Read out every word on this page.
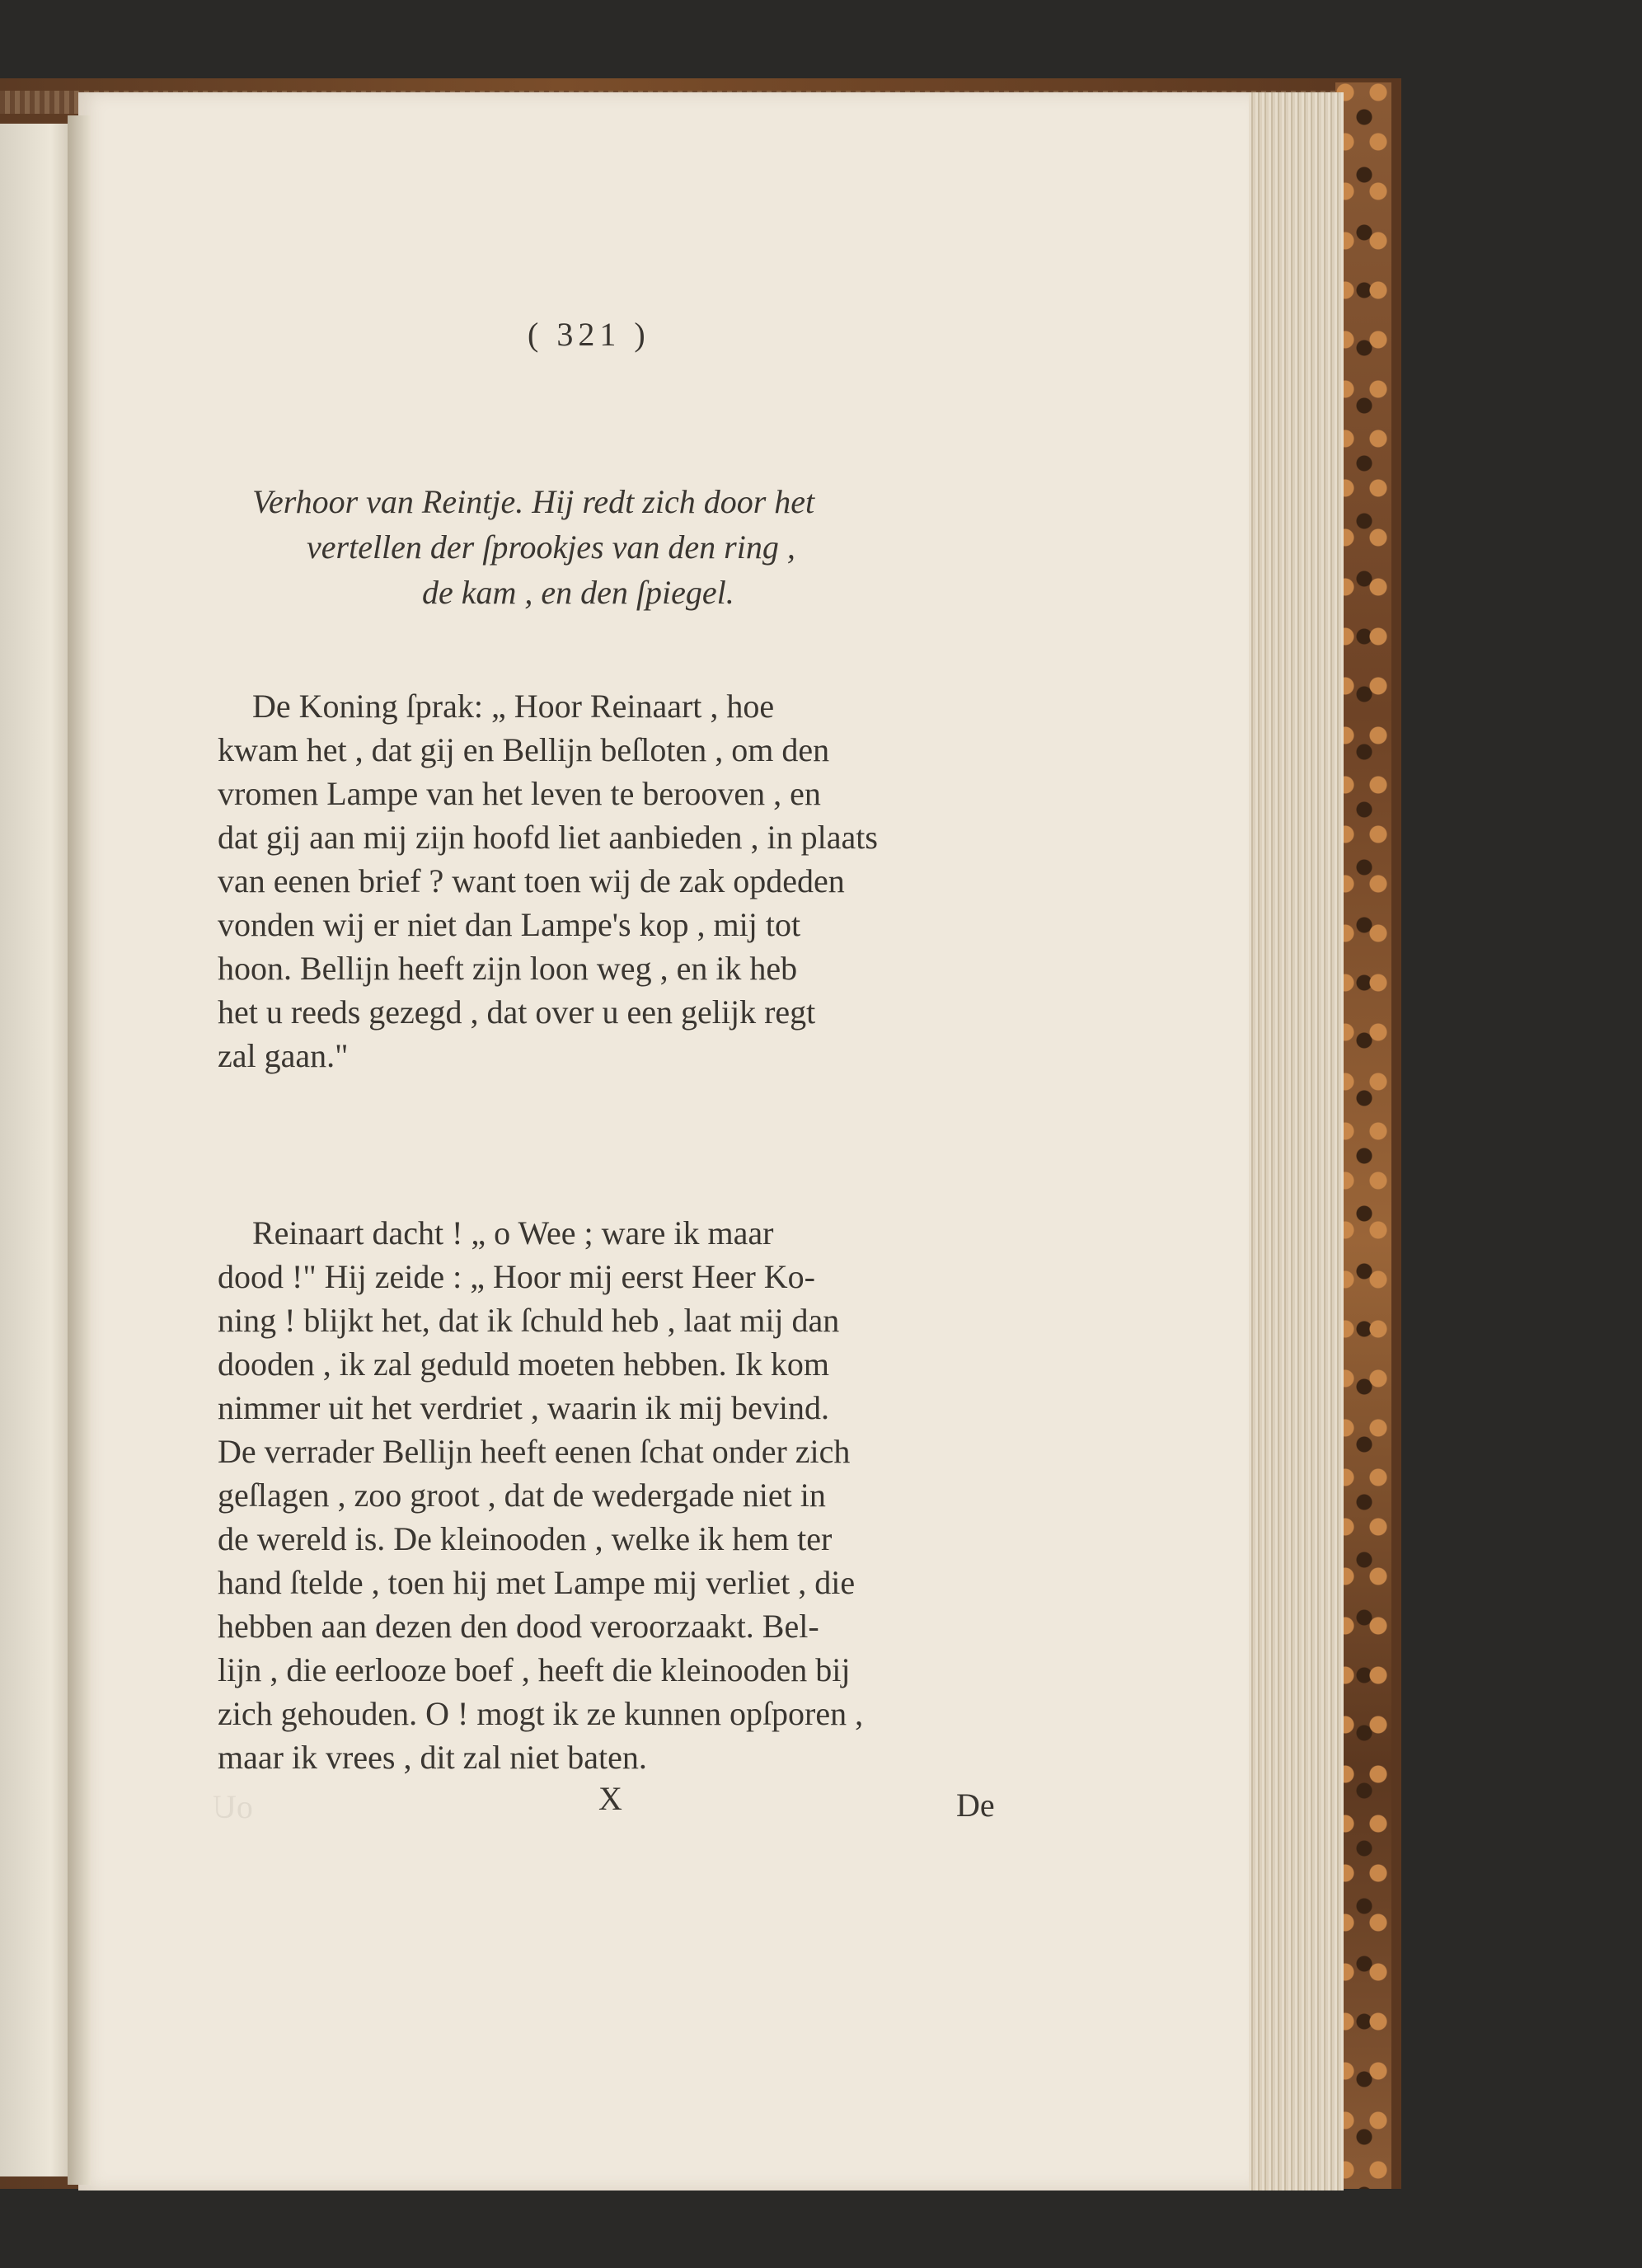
( 321 )
Verhoor van Reintje. Hij redt zich door het
vertellen der ſprookjes van den ring ,
de kam , en den ſpiegel.
De Koning ſprak: „ Hoor Reinaart , hoe
kwam het , dat gij en Bellijn beſloten , om den
vromen Lampe van het leven te berooven , en
dat gij aan mij zijn hoofd liet aanbieden , in plaats
van eenen brief ? want toen wij de zak opdeden
vonden wij er niet dan Lampe's kop , mij tot
hoon. Bellijn heeft zijn loon weg , en ik heb
het u reeds gezegd , dat over u een gelijk regt
zal gaan."
Reinaart dacht ! „ o Wee ; ware ik maar
dood !" Hij zeide : „ Hoor mij eerst Heer Ko-
ning ! blijkt het, dat ik ſchuld heb , laat mij dan
dooden , ik zal geduld moeten hebben. Ik kom
nimmer uit het verdriet , waarin ik mij bevind.
De verrader Bellijn heeft eenen ſchat onder zich
geſlagen , zoo groot , dat de wedergade niet in
de wereld is. De kleinooden , welke ik hem ter
hand ſtelde , toen hij met Lampe mij verliet , die
hebben aan dezen den dood veroorzaakt. Bel-
lijn , die eerlooze boef , heeft die kleinooden bij
zich gehouden. O ! mogt ik ze kunnen opſporen ,
maar ik vrees , dit zal niet baten.
X	De
oU
